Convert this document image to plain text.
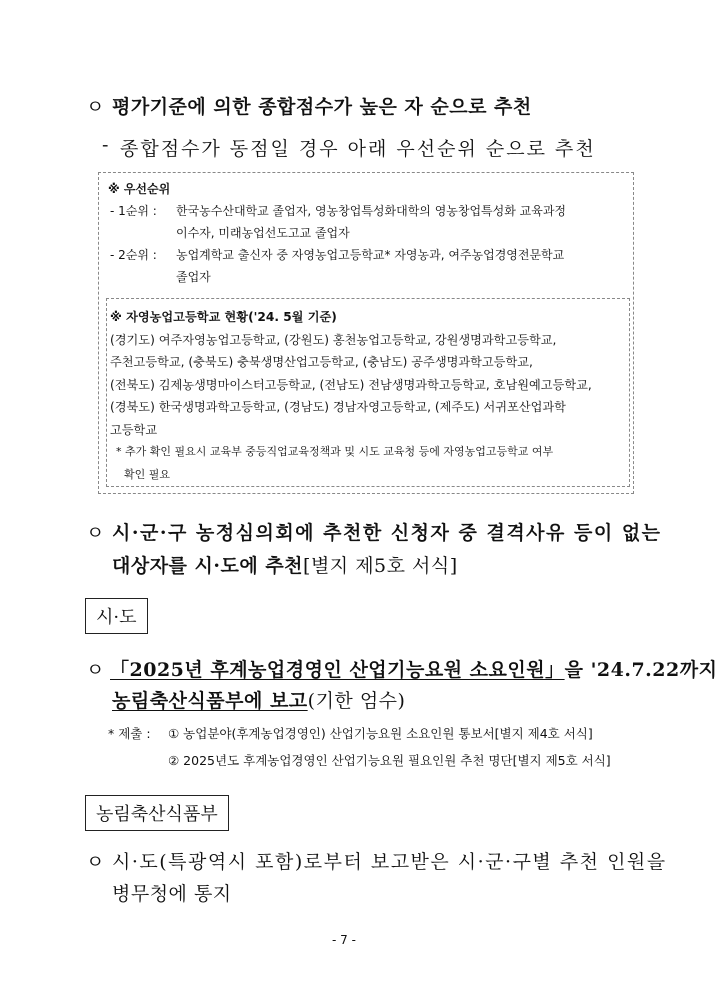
ㅇ 평가기준에 의한 종합점수가 높은 자 순으로 추천
- 종합점수가 동점일 경우 아래 우선순위 순으로 추천
※ 우선순위
- 1순위 :	한국농수산대학교 졸업자, 영농창업특성화대학의 영농창업특성화 교육과정
이수자, 미래농업선도고교 졸업자
- 2순위 :	농업계학교 출신자 중 자영농업고등학교* 자영농과, 여주농업경영전문학교
졸업자
※ 자영농업고등학교 현황('24. 5월 기준)
(경기도) 여주자영농업고등학교, (강원도) 홍천농업고등학교, 강원생명과학고등학교,
주천고등학교, (충북도) 충북생명산업고등학교, (충남도) 공주생명과학고등학교,
(전북도) 김제농생명마이스터고등학교, (전남도) 전남생명과학고등학교, 호남원예고등학교,
(경북도) 한국생명과학고등학교, (경남도) 경남자영고등학교, (제주도) 서귀포산업과학
고등학교
* 추가 확인 필요시 교육부 중등직업교육정책과 및 시도 교육청 등에 자영농업고등학교 여부
확인 필요
ㅇ 시·군·구 농정심의회에 추천한 신청자 중 결격사유 등이 없는
대상자를 시·도에 추천[별지 제5호 서식]
시·도
ㅇ 「2025년 후계농업경영인 산업기능요원 소요인원」을 '24.7.22까지
농림축산식품부에 보고(기한 엄수)
* 제출 : ① 농업분야(후계농업경영인) 산업기능요원 소요인원 통보서[별지 제4호 서식]
② 2025년도 후계농업경영인 산업기능요원 필요인원 추천 명단[별지 제5호 서식]
농림축산식품부
ㅇ 시·도(특광역시 포함)로부터 보고받은 시·군·구별 추천 인원을
병무청에 통지
- 7 -
